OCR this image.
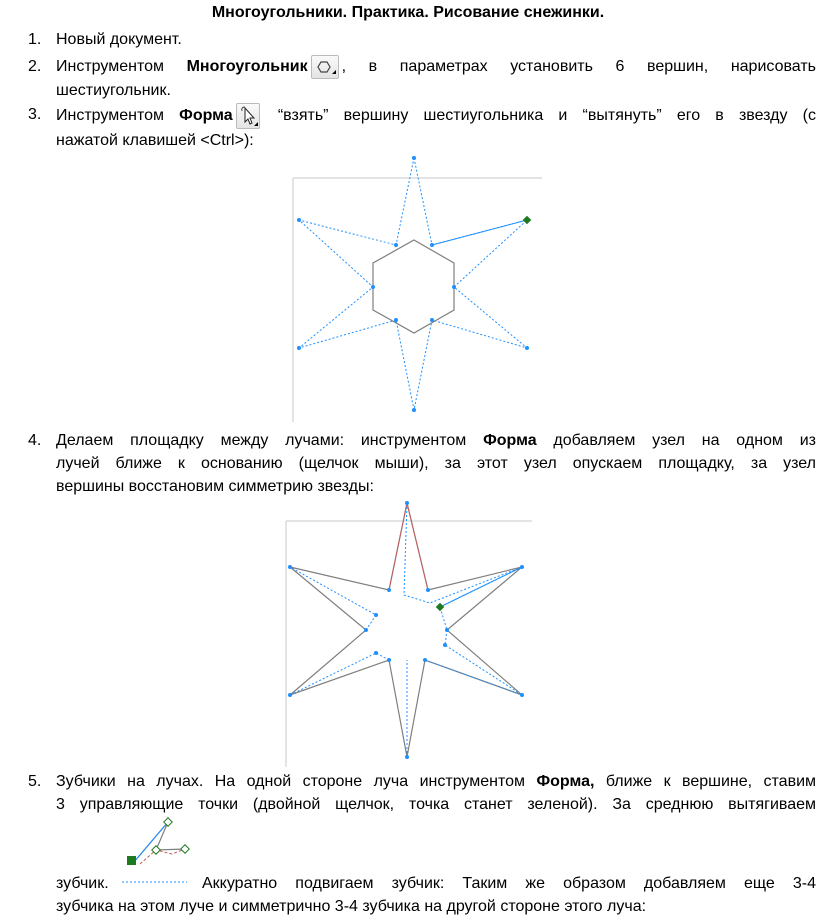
Многоугольники. Практика. Рисование снежинки.
1. Новый документ.
2. Инструментом Многоугольник , в параметрах установить 6 вершин, нарисовать
шестиугольник.
3. Инструментом Форма
“взять” вершину шестиугольника и “вытянуть” его в звезду (с
нажатой клавишей <Ctrl>):
4. Делаем площадку между лучами: инструментом Форма добавляем узел на одном из
лучей ближе к основанию (щелчок мыши), за этот узел опускаем площадку, за узел
вершины восстановим симметрию звезды:
5. Зубчики на лучах. На одной стороне луча инструментом Форма, ближе к вершине, ставим
3 управляющие точки (двойной щелчок, точка станет зеленой). За среднюю вытягиваем
зубчик.	Аккуратно подвигаем зубчик: Таким же образом добавляем еще 3-4

зубчика на этом луче и симметрично 3-4 зубчика на другой стороне этого луча:
